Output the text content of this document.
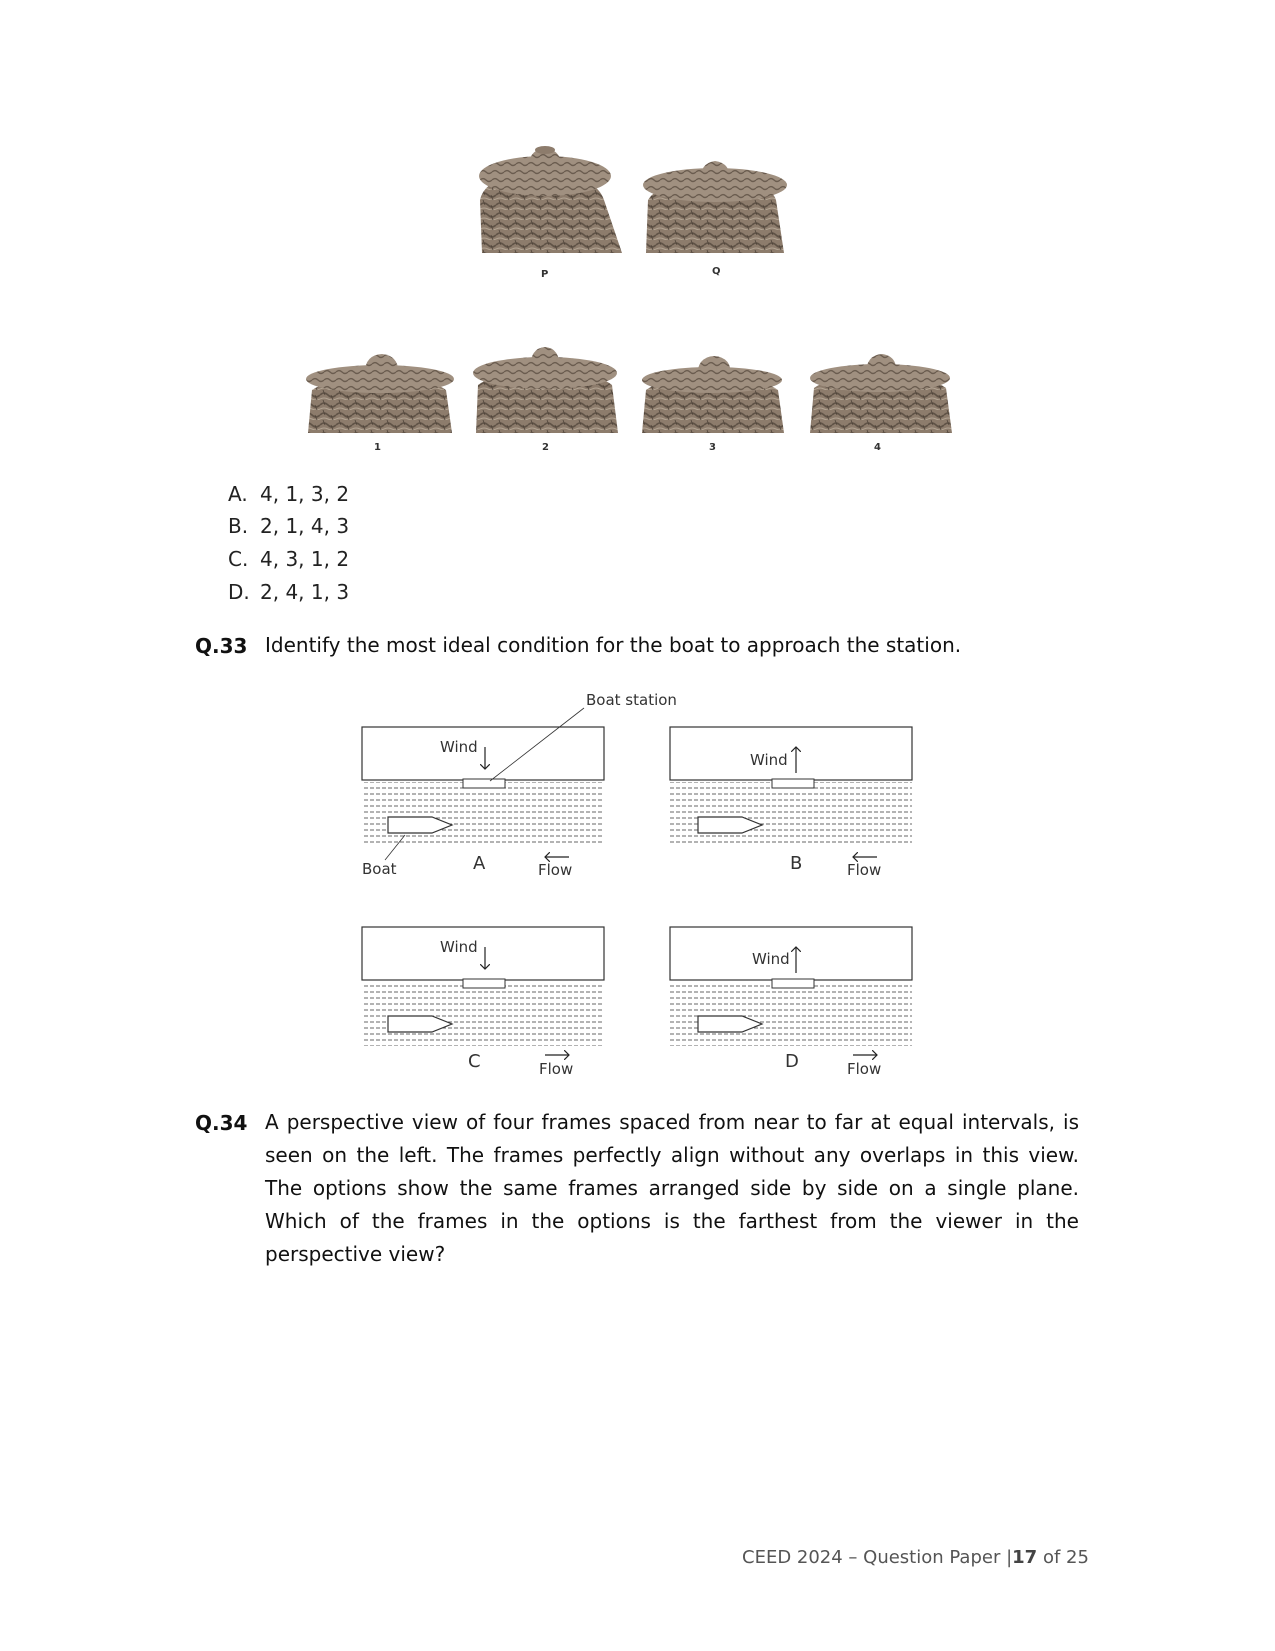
P	Q
1	2	3	4
A. 4, 1, 3, 2
B. 2, 1, 4, 3
C. 4, 3, 1, 2
D. 2, 4, 1, 3
Q.33 Identify the most ideal condition for the boat to approach the station.
Boat station
Boat
Wind
A	Flow
Wind
B	Flow
Wind
C	Flow
Wind
D	Flow
Q.34 A perspective view of four frames spaced from near to far at equal intervals, is seen on the left. The frames perfectly align without any overlaps in this view. The options show the same frames arranged side by side on a single plane. Which of the frames in the options is the farthest from the viewer in the perspective view?
CEED 2024 – Question Paper |17 of 25
